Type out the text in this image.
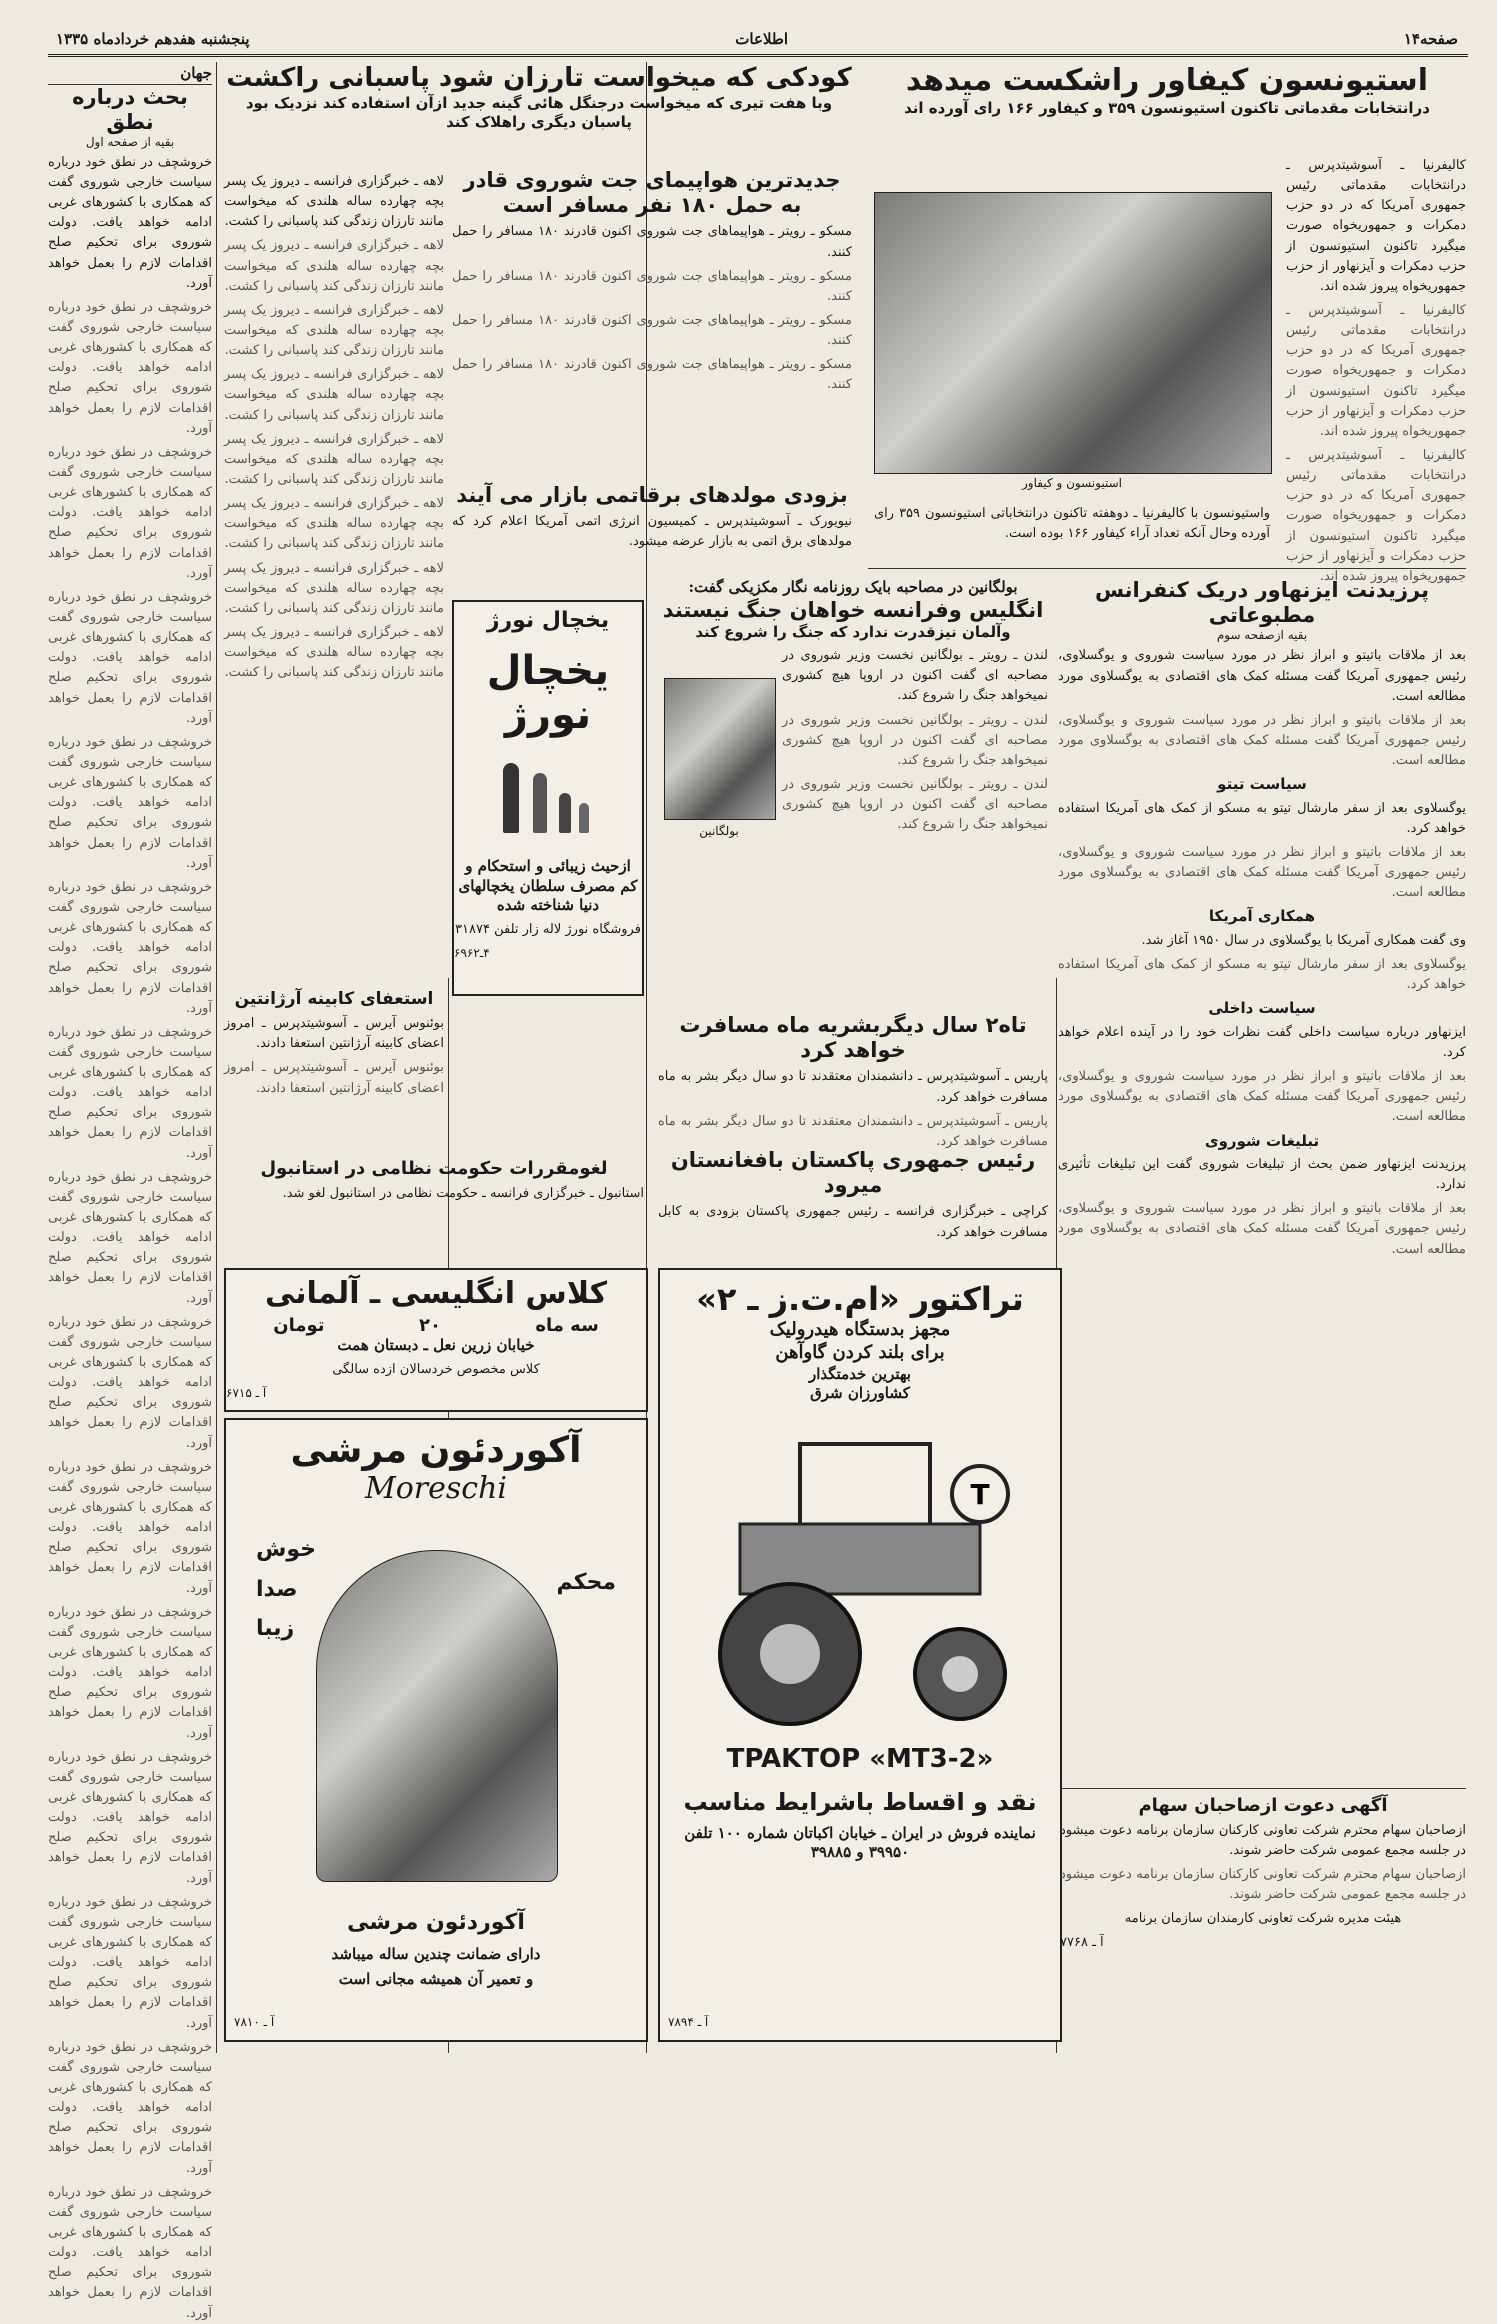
صفحه۱۴
اطلاعات
پنجشنبه هفدهم خردادماه ۱۳۳۵
استیونسون کیفاور راشکست میدهد
درانتخابات مقدماتی تاکنون استیونسون ۳۵۹ و کیفاور ۱۶۶ رای آورده اند

کالیفرنیا ـ آسوشیتدپرس ـ درانتخابات مقدماتی رئیس جمهوری آمریکا که در دو حزب دمکرات و جمهوریخواه صورت میگیرد تاکنون استیونسون از حزب دمکرات و آیزنهاور از حزب جمهوریخواه پیروز شده اند.

کالیفرنیا ـ آسوشیتدپرس ـ درانتخابات مقدماتی رئیس جمهوری آمریکا که در دو حزب دمکرات و جمهوریخواه صورت میگیرد تاکنون استیونسون از حزب دمکرات و آیزنهاور از حزب جمهوریخواه پیروز شده اند.

کالیفرنیا ـ آسوشیتدپرس ـ درانتخابات مقدماتی رئیس جمهوری آمریکا که در دو حزب دمکرات و جمهوریخواه صورت میگیرد تاکنون استیونسون از حزب دمکرات و آیزنهاور از حزب جمهوریخواه پیروز شده اند.

استیونسون و کیفاور

واستیونسون با کالیفرنیا ـ دوهفته تاکنون درانتخاباتی استیونسون ۳۵۹ رای آورده وحال آنکه تعداد آراء کیفاور ۱۶۶ بوده است.

پرزیدنت ایزنهاور دریک کنفرانس مطبوعاتی
بقیه ازصفحه سوم

بعد از ملاقات باتیتو و ابراز نظر در مورد سیاست شوروی و یوگسلاوی، رئیس جمهوری آمریکا گفت مسئله کمک های اقتصادی به یوگسلاوی مورد مطالعه است.

بعد از ملاقات باتیتو و ابراز نظر در مورد سیاست شوروی و یوگسلاوی، رئیس جمهوری آمریکا گفت مسئله کمک های اقتصادی به یوگسلاوی مورد مطالعه است.

سیاست تیتو

یوگسلاوی بعد از سفر مارشال تیتو به مسکو از کمک های آمریکا استفاده خواهد کرد.

بعد از ملاقات باتیتو و ابراز نظر در مورد سیاست شوروی و یوگسلاوی، رئیس جمهوری آمریکا گفت مسئله کمک های اقتصادی به یوگسلاوی مورد مطالعه است.

همکاری آمریکا

وی گفت همکاری آمریکا با یوگسلاوی در سال ۱۹۵۰ آغاز شد.

یوگسلاوی بعد از سفر مارشال تیتو به مسکو از کمک های آمریکا استفاده خواهد کرد.

سیاست داخلی

ایزنهاور درباره سیاست داخلی گفت نظرات خود را در آینده اعلام خواهد کرد.

بعد از ملاقات باتیتو و ابراز نظر در مورد سیاست شوروی و یوگسلاوی، رئیس جمهوری آمریکا گفت مسئله کمک های اقتصادی به یوگسلاوی مورد مطالعه است.

تبلیغات شوروی

پرزیدنت ایزنهاور ضمن بحث از تبلیغات شوروی گفت این تبلیغات تأثیری ندارد.

بعد از ملاقات باتیتو و ابراز نظر در مورد سیاست شوروی و یوگسلاوی، رئیس جمهوری آمریکا گفت مسئله کمک های اقتصادی به یوگسلاوی مورد مطالعه است.

بولگانین در مصاحبه بایک روزنامه نگار مکزیکی گفت:
انگلیس وفرانسه خواهان جنگ نیستند
وآلمان نیزقدرت ندارد که جنگ را شروع کند
بولگانین

لندن ـ رویتر ـ بولگانین نخست وزیر شوروی در مصاحبه ای گفت اکنون در اروپا هیچ کشوری نمیخواهد جنگ را شروع کند.

لندن ـ رویتر ـ بولگانین نخست وزیر شوروی در مصاحبه ای گفت اکنون در اروپا هیچ کشوری نمیخواهد جنگ را شروع کند.

لندن ـ رویتر ـ بولگانین نخست وزیر شوروی در مصاحبه ای گفت اکنون در اروپا هیچ کشوری نمیخواهد جنگ را شروع کند.

تاه۲ سال دیگربشریه ماه مسافرت خواهد کرد

پاریس ـ آسوشیتدپرس ـ دانشمندان معتقدند تا دو سال دیگر بشر به ماه مسافرت خواهد کرد.

پاریس ـ آسوشیتدپرس ـ دانشمندان معتقدند تا دو سال دیگر بشر به ماه مسافرت خواهد کرد.

رئیس جمهوری پاکستان بافغانستان میرود

کراچی ـ خبرگزاری فرانسه ـ رئیس جمهوری پاکستان بزودی به کابل مسافرت خواهد کرد.

کودکی که میخواست تارزان شود پاسبانی راکشت
وبا هفت تیری که میخواست درجنگل هائی گینه جدید ازآن استفاده کند نزدیک بود پاسبان دیگری راهلاک کند

لاهه ـ خبرگزاری فرانسه ـ دیروز یک پسر بچه چهارده ساله هلندی که میخواست مانند تارزان زندگی کند پاسبانی را کشت.

لاهه ـ خبرگزاری فرانسه ـ دیروز یک پسر بچه چهارده ساله هلندی که میخواست مانند تارزان زندگی کند پاسبانی را کشت.

لاهه ـ خبرگزاری فرانسه ـ دیروز یک پسر بچه چهارده ساله هلندی که میخواست مانند تارزان زندگی کند پاسبانی را کشت.

لاهه ـ خبرگزاری فرانسه ـ دیروز یک پسر بچه چهارده ساله هلندی که میخواست مانند تارزان زندگی کند پاسبانی را کشت.

لاهه ـ خبرگزاری فرانسه ـ دیروز یک پسر بچه چهارده ساله هلندی که میخواست مانند تارزان زندگی کند پاسبانی را کشت.

لاهه ـ خبرگزاری فرانسه ـ دیروز یک پسر بچه چهارده ساله هلندی که میخواست مانند تارزان زندگی کند پاسبانی را کشت.

لاهه ـ خبرگزاری فرانسه ـ دیروز یک پسر بچه چهارده ساله هلندی که میخواست مانند تارزان زندگی کند پاسبانی را کشت.

لاهه ـ خبرگزاری فرانسه ـ دیروز یک پسر بچه چهارده ساله هلندی که میخواست مانند تارزان زندگی کند پاسبانی را کشت.

جدیدترین هواپیمای جت شوروی قادر به حمل ۱۸۰ نفر مسافر است

مسکو ـ رویتر ـ هواپیماهای جت شوروی اکنون قادرند ۱۸۰ مسافر را حمل کنند.

مسکو ـ رویتر ـ هواپیماهای جت شوروی اکنون قادرند ۱۸۰ مسافر را حمل کنند.

مسکو ـ رویتر ـ هواپیماهای جت شوروی اکنون قادرند ۱۸۰ مسافر را حمل کنند.

مسکو ـ رویتر ـ هواپیماهای جت شوروی اکنون قادرند ۱۸۰ مسافر را حمل کنند.

بزودی مولدهای برقاتمی بازار می آیند

نیویورک ـ آسوشیتدپرس ـ کمیسیون انرژی اتمی آمریکا اعلام کرد که مولدهای برق اتمی به بازار عرضه میشود.

یخچال نورژ
یخچال نورژ
ازحیث زیبائی و استحکام و
کم مصرف سلطان یخچالهای
دنیا شناخته شده
فروشگاه نورژ لاله زار تلفن ۳۱۸۷۴
۴ـ۶۹۶۲
استعفای کابینه آرژانتین

بوئنوس آیرس ـ آسوشیتدپرس ـ امروز اعضای کابینه آرژانتین استعفا دادند.

بوئنوس آیرس ـ آسوشیتدپرس ـ امروز اعضای کابینه آرژانتین استعفا دادند.

لغومقررات حکومت نظامی در استانبول

استانبول ـ خبرگزاری فرانسه ـ حکومت نظامی در استانبول لغو شد.

کلاس انگلیسی ـ آلمانی
سه ماه
۲۰
تومان
خیابان زرین نعل ـ دبستان همت
کلاس مخصوص خردسالان ازده سالگی
آ ـ ۶۷۱۵
آکوردئون مرشی
Moreschi
خوش
صدا
زیبا
محکم
آکوردئون مرشی
دارای ضمانت چندین ساله میباشد
و تعمیر آن همیشه مجانی است
آ ـ ۷۸۱۰
تراکتور «ام.ت.ز ـ ۲»
مجهز بدستگاه هیدرولیک
برای بلند کردن گاوآهن
بهترین خدمتگذار
کشاورزان شرق
T
TPAKTOP «MT3-2»
نقد و اقساط باشرایط مناسب
نماینده فروش در ایران ـ خیابان اکباتان شماره ۱۰۰ تلفن ۳۹۹۵۰ و ۳۹۸۸۵
آ ـ ۷۸۹۴
آگهی دعوت ازصاحبان سهام

ازصاحبان سهام محترم شرکت تعاونی کارکنان سازمان برنامه دعوت میشود در جلسه مجمع عمومی شرکت حاضر شوند.

ازصاحبان سهام محترم شرکت تعاونی کارکنان سازمان برنامه دعوت میشود در جلسه مجمع عمومی شرکت حاضر شوند.

هیئت مدیره شرکت تعاونی کارمندان سازمان برنامه

آ ـ ۷۷۶۸

جهان
بحث درباره نطق
بقیه از صفحه اول

خروشچف در نطق خود درباره سیاست خارجی شوروی گفت که همکاری با کشورهای غربی ادامه خواهد یافت. دولت شوروی برای تحکیم صلح اقدامات لازم را بعمل خواهد آورد.

خروشچف در نطق خود درباره سیاست خارجی شوروی گفت که همکاری با کشورهای غربی ادامه خواهد یافت. دولت شوروی برای تحکیم صلح اقدامات لازم را بعمل خواهد آورد.

خروشچف در نطق خود درباره سیاست خارجی شوروی گفت که همکاری با کشورهای غربی ادامه خواهد یافت. دولت شوروی برای تحکیم صلح اقدامات لازم را بعمل خواهد آورد.

خروشچف در نطق خود درباره سیاست خارجی شوروی گفت که همکاری با کشورهای غربی ادامه خواهد یافت. دولت شوروی برای تحکیم صلح اقدامات لازم را بعمل خواهد آورد.

خروشچف در نطق خود درباره سیاست خارجی شوروی گفت که همکاری با کشورهای غربی ادامه خواهد یافت. دولت شوروی برای تحکیم صلح اقدامات لازم را بعمل خواهد آورد.

خروشچف در نطق خود درباره سیاست خارجی شوروی گفت که همکاری با کشورهای غربی ادامه خواهد یافت. دولت شوروی برای تحکیم صلح اقدامات لازم را بعمل خواهد آورد.

خروشچف در نطق خود درباره سیاست خارجی شوروی گفت که همکاری با کشورهای غربی ادامه خواهد یافت. دولت شوروی برای تحکیم صلح اقدامات لازم را بعمل خواهد آورد.

خروشچف در نطق خود درباره سیاست خارجی شوروی گفت که همکاری با کشورهای غربی ادامه خواهد یافت. دولت شوروی برای تحکیم صلح اقدامات لازم را بعمل خواهد آورد.

خروشچف در نطق خود درباره سیاست خارجی شوروی گفت که همکاری با کشورهای غربی ادامه خواهد یافت. دولت شوروی برای تحکیم صلح اقدامات لازم را بعمل خواهد آورد.

خروشچف در نطق خود درباره سیاست خارجی شوروی گفت که همکاری با کشورهای غربی ادامه خواهد یافت. دولت شوروی برای تحکیم صلح اقدامات لازم را بعمل خواهد آورد.

خروشچف در نطق خود درباره سیاست خارجی شوروی گفت که همکاری با کشورهای غربی ادامه خواهد یافت. دولت شوروی برای تحکیم صلح اقدامات لازم را بعمل خواهد آورد.

خروشچف در نطق خود درباره سیاست خارجی شوروی گفت که همکاری با کشورهای غربی ادامه خواهد یافت. دولت شوروی برای تحکیم صلح اقدامات لازم را بعمل خواهد آورد.

خروشچف در نطق خود درباره سیاست خارجی شوروی گفت که همکاری با کشورهای غربی ادامه خواهد یافت. دولت شوروی برای تحکیم صلح اقدامات لازم را بعمل خواهد آورد.

خروشچف در نطق خود درباره سیاست خارجی شوروی گفت که همکاری با کشورهای غربی ادامه خواهد یافت. دولت شوروی برای تحکیم صلح اقدامات لازم را بعمل خواهد آورد.

خروشچف در نطق خود درباره سیاست خارجی شوروی گفت که همکاری با کشورهای غربی ادامه خواهد یافت. دولت شوروی برای تحکیم صلح اقدامات لازم را بعمل خواهد آورد.
